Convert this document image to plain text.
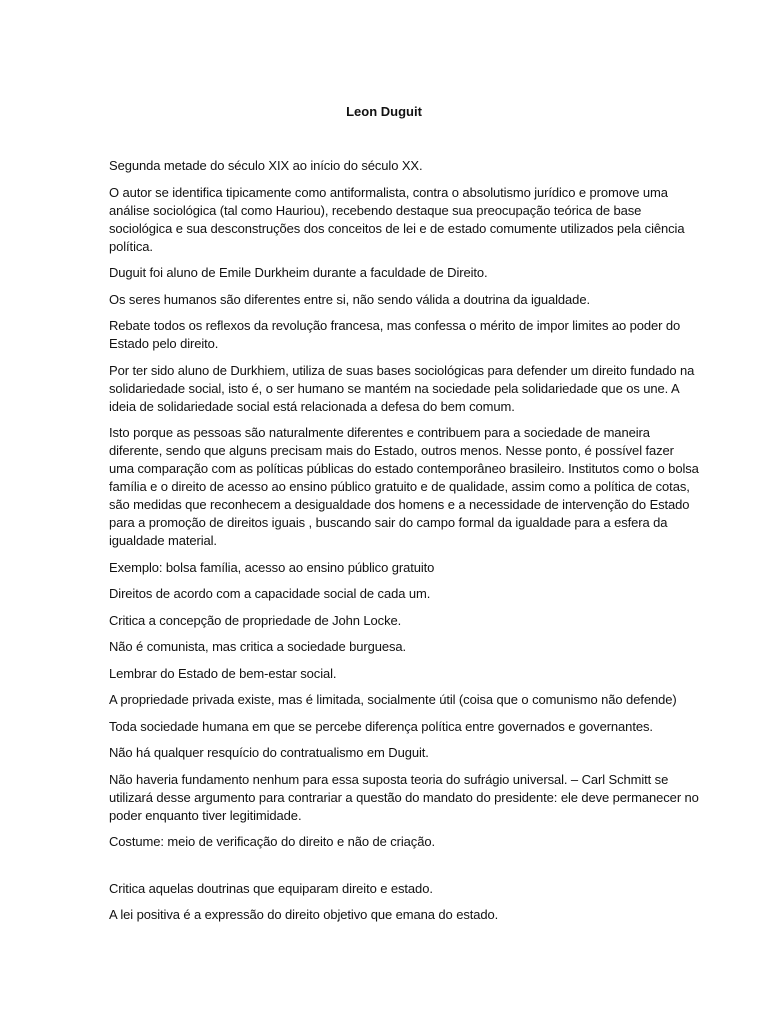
Leon Duguit

Segunda metade do século XIX ao início do século XX.

O autor se identifica tipicamente como antiformalista, contra o absolutismo jurídico e promove uma análise sociológica (tal como Hauriou), recebendo destaque sua preocupação teórica de base sociológica e sua desconstruções dos conceitos de lei e de estado comumente utilizados pela ciência política.

Duguit foi aluno de Emile Durkheim durante a faculdade de Direito.

Os seres humanos são diferentes entre si, não sendo válida a doutrina da igualdade.

Rebate todos os reflexos da revolução francesa, mas confessa o mérito de impor limites ao poder do Estado pelo direito.

Por ter sido aluno de Durkhiem, utiliza de suas bases sociológicas para defender um direito fundado na solidariedade social, isto é, o ser humano se mantém na sociedade pela solidariedade que os une. A ideia de solidariedade social está relacionada a defesa do bem comum.

Isto porque as pessoas são naturalmente diferentes e contribuem para a sociedade de maneira diferente, sendo que alguns precisam mais do Estado, outros menos. Nesse ponto, é possível fazer uma comparação com as políticas públicas do estado contemporâneo brasileiro. Institutos como o bolsa família e o direito de acesso ao ensino público gratuito e de qualidade, assim como a política de cotas, são medidas que reconhecem a desigualdade dos homens e a necessidade de intervenção do Estado para a promoção de direitos iguais , buscando sair do campo formal da igualdade para a esfera da igualdade material.

Exemplo: bolsa família, acesso ao ensino público gratuito

Direitos de acordo com a capacidade social de cada um.

Critica a concepção de propriedade de John Locke.

Não é comunista, mas critica a sociedade burguesa.

Lembrar do Estado de bem-estar social.

A propriedade privada existe, mas é limitada, socialmente útil (coisa que o comunismo não defende)

Toda sociedade humana em que se percebe diferença política entre governados e governantes.

Não há qualquer resquício do contratualismo em Duguit.

Não haveria fundamento nenhum para essa suposta teoria do sufrágio universal. – Carl Schmitt se utilizará desse argumento para contrariar a questão do mandato do presidente: ele deve permanecer no poder enquanto tiver legitimidade.

Costume: meio de verificação do direito e não de criação.

Critica aquelas doutrinas que equiparam direito e estado.

A lei positiva é a expressão do direito objetivo que emana do estado.
